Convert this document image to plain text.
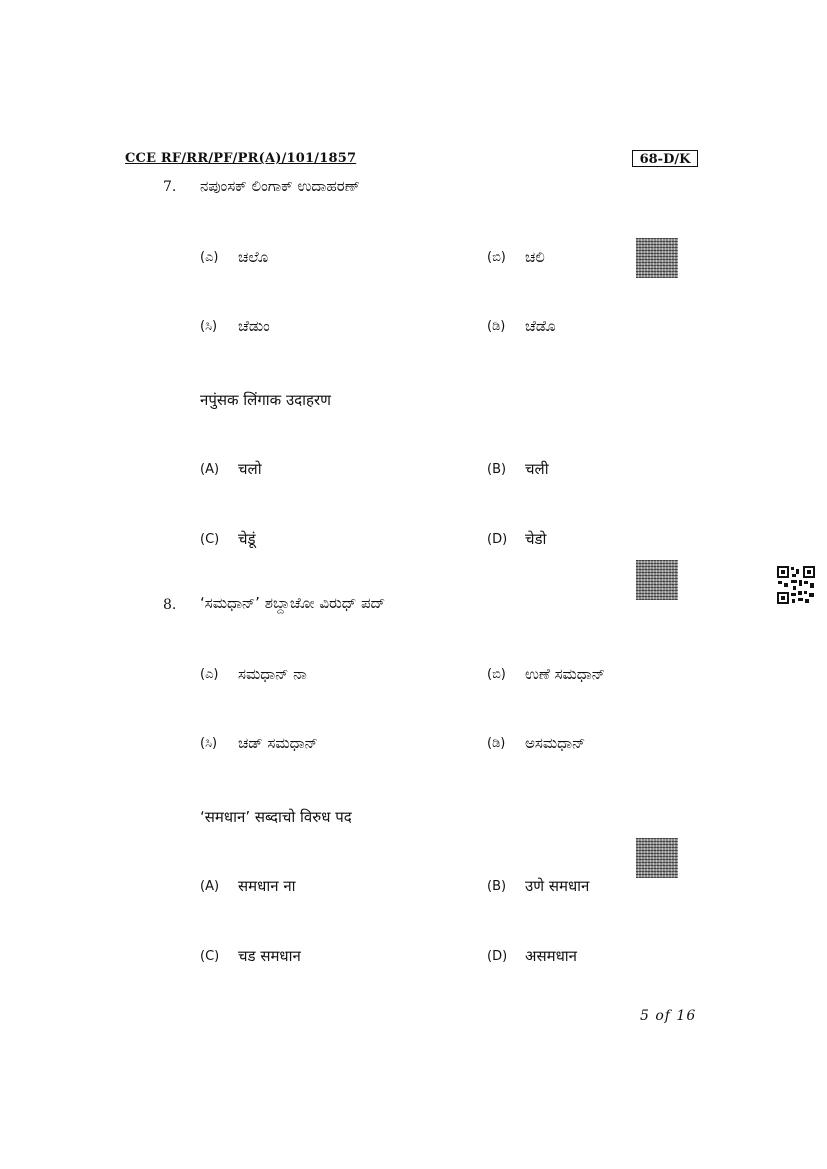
CCE RF/RR/PF/PR(A)/101/1857	68-D/K
7. ನಪುಂಸಕ್ ಲಿಂಗಾಕ್ ಉದಾಹರಣ್
(ಎ) ಚಲೊ	(ಬಿ) ಚಲಿ
(ಸಿ) ಚೆಡುಂ	(ಡಿ) ಚೆಡೊ
नपुंसक लिंगाक उदाहरण
(A) चलो	(B) चली
(C) चेडूं	(D) चेडो
8. ‘ಸಮಧಾನ್’ ಶಬ್ದಾಚೋ ವಿರುಧ್ ಪದ್
(ಎ) ಸಮಧಾನ್ ನಾ	(ಬಿ) ಉಣೆ ಸಮಧಾನ್
(ಸಿ) ಚಡ್ ಸಮಧಾನ್	(ಡಿ) ಅಸಮಧಾನ್
‘समधान’ सब्दाचो विरुध पद
(A) समधान ना	(B) उणे समधान
(C) चड समधान	(D) असमधान
5 of 16
